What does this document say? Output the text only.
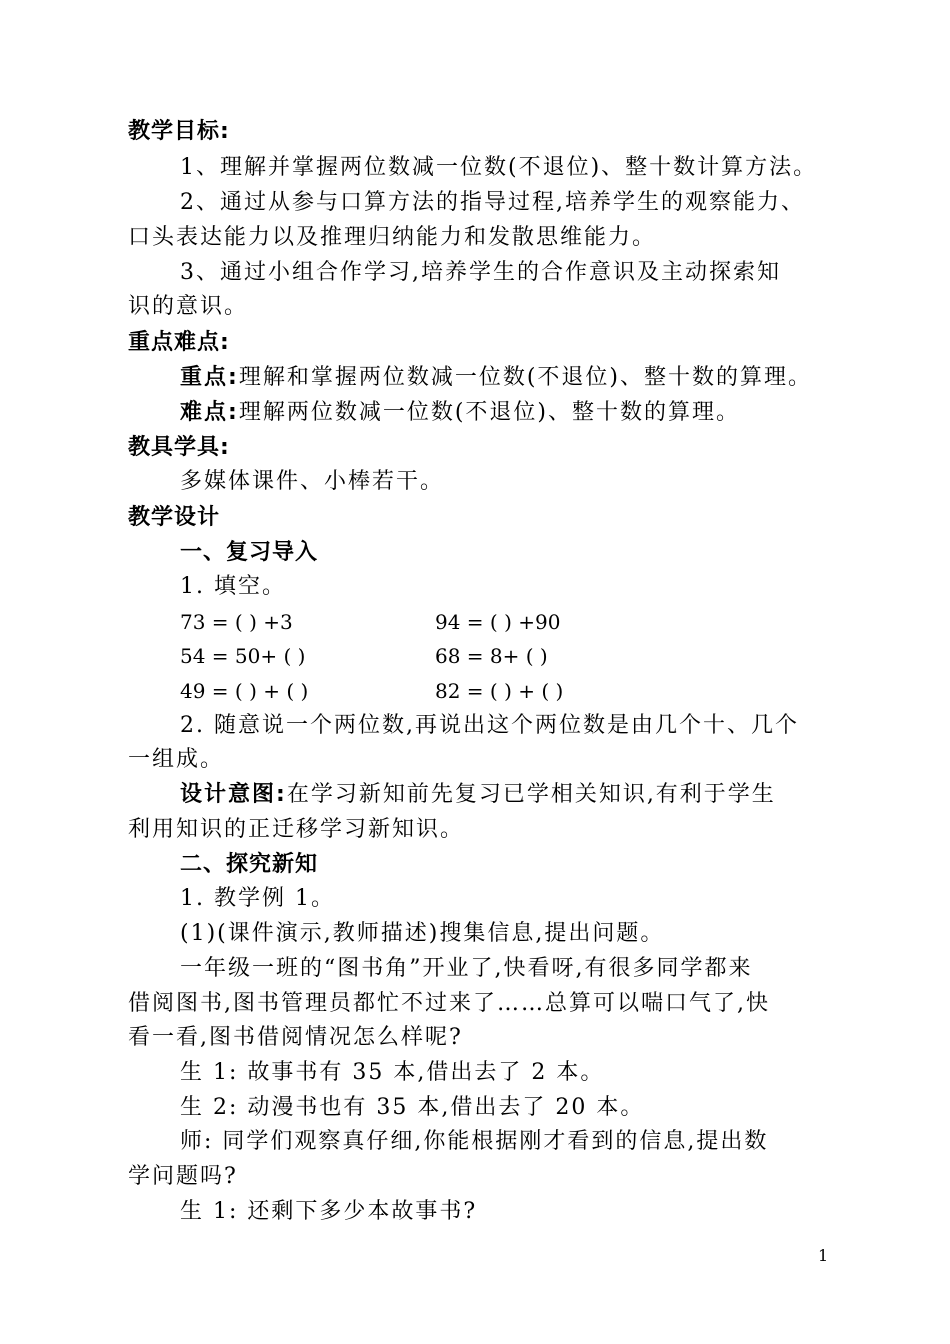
教学目标:
1、理解并掌握两位数减一位数(不退位)、整十数计算方法。
2、通过从参与口算方法的指导过程,培养学生的观察能力、
口头表达能力以及推理归纳能力和发散思维能力。
3、通过小组合作学习,培养学生的合作意识及主动探索知
识的意识。
重点难点:
重点:理解和掌握两位数减一位数(不退位)、整十数的算理。
难点:理解两位数减一位数(不退位)、整十数的算理。
教具学具:
多媒体课件、小棒若干。
教学设计
一、复习导入
1. 填空。
73 = ( ) +3	94 = ( ) +90
54 = 50+ ( )	68 = 8+ ( )
49 = ( ) + ( )	82 = ( ) + ( )
2. 随意说一个两位数,再说出这个两位数是由几个十、几个
一组成。
设计意图:在学习新知前先复习已学相关知识,有利于学生
利用知识的正迁移学习新知识。
二、探究新知
1. 教学例 1。
(1)(课件演示,教师描述)搜集信息,提出问题。
一年级一班的“图书角”开业了,快看呀,有很多同学都来
借阅图书,图书管理员都忙不过来了……总算可以喘口气了,快
看一看,图书借阅情况怎么样呢?
生 1: 故事书有 35 本,借出去了 2 本。
生 2: 动漫书也有 35 本,借出去了 20 本。
师: 同学们观察真仔细,你能根据刚才看到的信息,提出数
学问题吗?
生 1: 还剩下多少本故事书?
1
